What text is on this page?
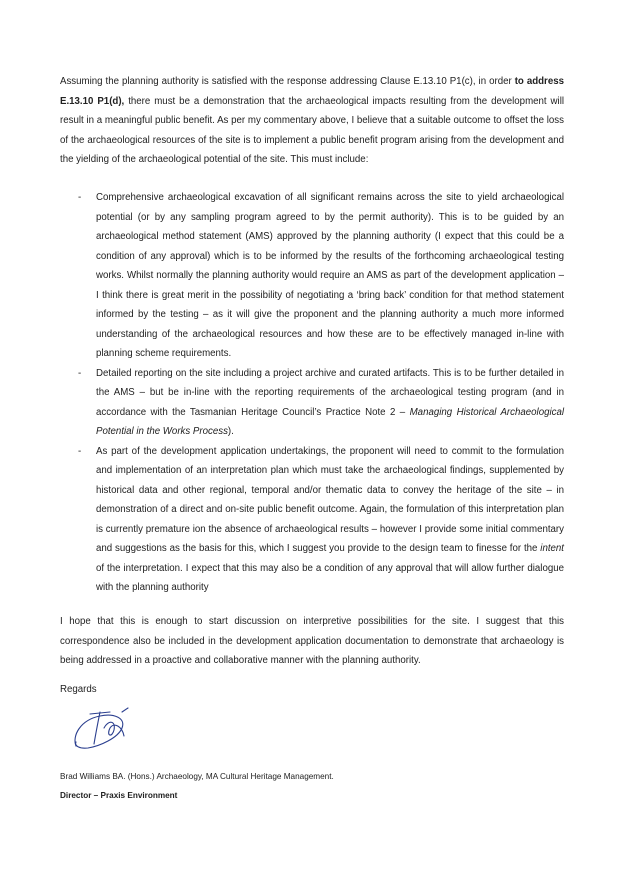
Assuming the planning authority is satisfied with the response addressing Clause E.13.10 P1(c), in order to address E.13.10 P1(d), there must be a demonstration that the archaeological impacts resulting from the development will result in a meaningful public benefit. As per my commentary above, I believe that a suitable outcome to offset the loss of the archaeological resources of the site is to implement a public benefit program arising from the development and the yielding of the archaeological potential of the site. This must include:

-	Comprehensive archaeological excavation of all significant remains across the site to yield archaeological potential (or by any sampling program agreed to by the permit authority). This is to be guided by an archaeological method statement (AMS) approved by the planning authority (I expect that this could be a condition of any approval) which is to be informed by the results of the forthcoming archaeological testing works. Whilst normally the planning authority would require an AMS as part of the development application – I think there is great merit in the possibility of negotiating a ‘bring back’ condition for that method statement informed by the testing – as it will give the proponent and the planning authority a much more informed understanding of the archaeological resources and how these are to be effectively managed in-line with planning scheme requirements.
-	Detailed reporting on the site including a project archive and curated artifacts. This is to be further detailed in the AMS – but be in-line with the reporting requirements of the archaeological testing program (and in accordance with the Tasmanian Heritage Council’s Practice Note 2 – Managing Historical Archaeological Potential in the Works Process).
-	As part of the development application undertakings, the proponent will need to commit to the formulation and implementation of an interpretation plan which must take the archaeological findings, supplemented by historical data and other regional, temporal and/or thematic data to convey the heritage of the site – in demonstration of a direct and on-site public benefit outcome. Again, the formulation of this interpretation plan is currently premature ion the absence of archaeological results – however I provide some initial commentary and suggestions as the basis for this, which I suggest you provide to the design team to finesse for the intent of the interpretation. I expect that this may also be a condition of any approval that will allow further dialogue with the planning authority

I hope that this is enough to start discussion on interpretive possibilities for the site. I suggest that this correspondence also be included in the development application documentation to demonstrate that archaeology is being addressed in a proactive and collaborative manner with the planning authority.

Regards

Brad Williams BA. (Hons.) Archaeology, MA Cultural Heritage Management.

Director – Praxis Environment
